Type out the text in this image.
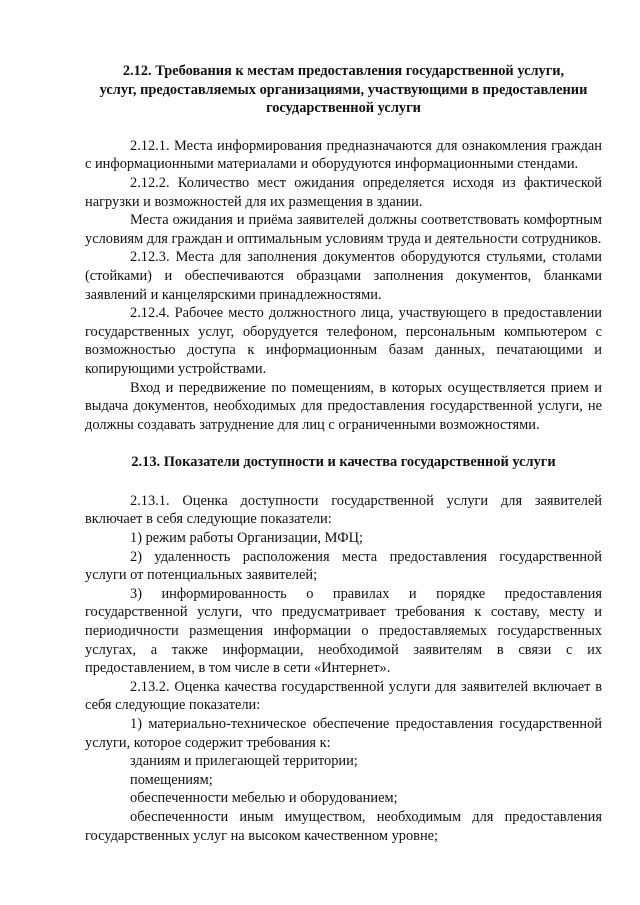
2.12. Требования к местам предоставления государственной услуги,
услуг, предоставляемых организациями, участвующими в предоставлении
государственной услуги

2.12.1. Места информирования предназначаются для ознакомления граждан с информационными материалами и оборудуются информационными стендами.

2.12.2. Количество мест ожидания определяется исходя из фактической нагрузки и возможностей для их размещения в здании.

Места ожидания и приёма заявителей должны соответствовать комфортным условиям для граждан и оптимальным условиям труда и деятельности сотрудников.

2.12.3. Места для заполнения документов оборудуются стульями, столами (стойками) и обеспечиваются образцами заполнения документов, бланками заявлений и канцелярскими принадлежностями.

2.12.4. Рабочее место должностного лица, участвующего в предоставлении государственных услуг, оборудуется телефоном, персональным компьютером с возможностью доступа к информационным базам данных, печатающими и копирующими устройствами.

Вход и передвижение по помещениям, в которых осуществляется прием и выдача документов, необходимых для предоставления государственной услуги, не должны создавать затруднение для лиц с ограниченными возможностями.

2.13. Показатели доступности и качества государственной услуги

2.13.1. Оценка доступности государственной услуги для заявителей включает в себя следующие показатели:

1) режим работы Организации, МФЦ;

2) удаленность расположения места предоставления государственной услуги от потенциальных заявителей;

3) информированность о правилах и порядке предоставления государственной услуги, что предусматривает требования к составу, месту и периодичности размещения информации о предоставляемых государственных услугах, а также информации, необходимой заявителям в связи с их предоставлением, в том числе в сети «Интернет».

2.13.2. Оценка качества государственной услуги для заявителей включает в себя следующие показатели:

1) материально-техническое обеспечение предоставления государственной услуги, которое содержит требования к:

зданиям и прилегающей территории;

помещениям;

обеспеченности мебелью и оборудованием;

обеспеченности иным имуществом, необходимым для предоставления государственных услуг на высоком качественном уровне;
